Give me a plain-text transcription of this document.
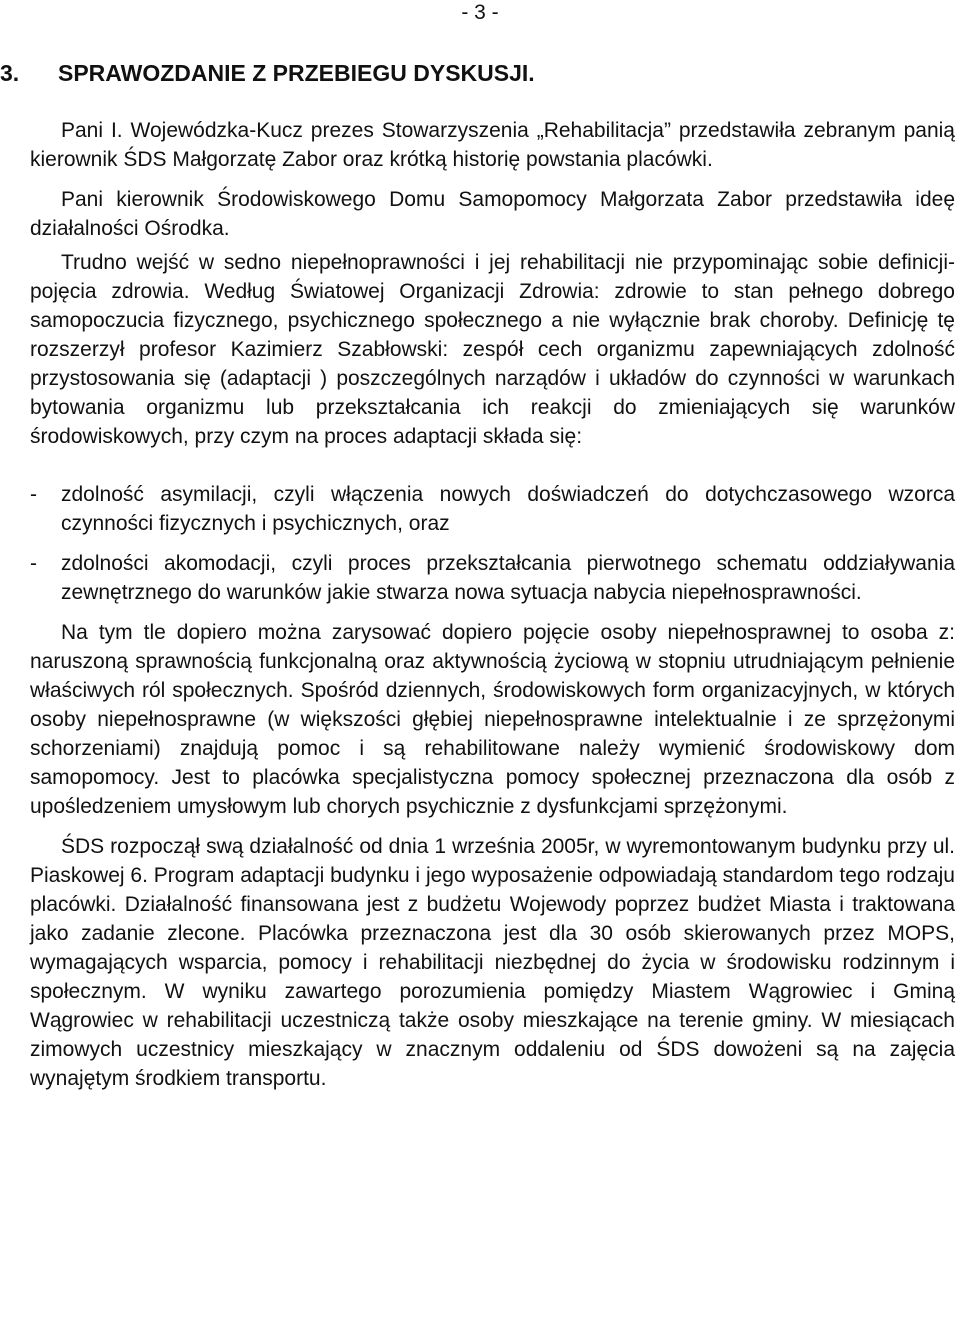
- 3 -
3. SPRAWOZDANIE Z PRZEBIEGU DYSKUSJI.

Pani I. Wojewódzka-Kucz prezes Stowarzyszenia „Rehabilitacja” przedstawiła zebranym panią kierownik ŚDS Małgorzatę Zabor oraz krótką historię powstania placówki.

Pani kierownik Środowiskowego Domu Samopomocy Małgorzata Zabor przedstawiła ideę działalności Ośrodka.

Trudno wejść w sedno niepełnoprawności i jej rehabilitacji nie przypominając sobie definicji-pojęcia zdrowia. Według Światowej Organizacji Zdrowia: zdrowie to stan pełnego dobrego samopoczucia fizycznego, psychicznego społecznego a nie wyłącznie brak choroby. Definicję tę rozszerzył profesor Kazimierz Szabłowski: zespół cech organizmu zapewniających zdolność przystosowania się (adaptacji ) poszczególnych narządów i układów do czynności w warunkach bytowania organizmu lub przekształcania ich reakcji do zmieniających się warunków środowiskowych, przy czym na proces adaptacji składa się:

- zdolność asymilacji, czyli włączenia nowych doświadczeń do dotychczasowego wzorca czynności fizycznych i psychicznych, oraz
- zdolności akomodacji, czyli proces przekształcania pierwotnego schematu oddziaływania zewnętrznego do warunków jakie stwarza nowa sytuacja nabycia niepełnosprawności.

Na tym tle dopiero można zarysować dopiero pojęcie osoby niepełnosprawnej to osoba z: naruszoną sprawnością funkcjonalną oraz aktywnością życiową w stopniu utrudniającym pełnienie właściwych ról społecznych. Spośród dziennych, środowiskowych form organizacyjnych, w których osoby niepełnosprawne (w większości głębiej niepełnosprawne intelektualnie i ze sprzężonymi schorzeniami) znajdują pomoc i są rehabilitowane należy wymienić środowiskowy dom samopomocy. Jest to placówka specjalistyczna pomocy społecznej przeznaczona dla osób z upośledzeniem umysłowym lub chorych psychicznie z dysfunkcjami sprzężonymi.

ŚDS rozpoczął swą działalność od dnia 1 września 2005r, w wyremontowanym budynku przy ul. Piaskowej 6. Program adaptacji budynku i jego wyposażenie odpowiadają standardom tego rodzaju placówki. Działalność finansowana jest z budżetu Wojewody poprzez budżet Miasta i traktowana jako zadanie zlecone. Placówka przeznaczona jest dla 30 osób skierowanych przez MOPS, wymagających wsparcia, pomocy i rehabilitacji niezbędnej do życia w środowisku rodzinnym i społecznym. W wyniku zawartego porozumienia pomiędzy Miastem Wągrowiec i Gminą Wągrowiec w rehabilitacji uczestniczą także osoby mieszkające na terenie gminy. W miesiącach zimowych uczestnicy mieszkający w znacznym oddaleniu od ŚDS dowożeni są na zajęcia wynajętym środkiem transportu.
